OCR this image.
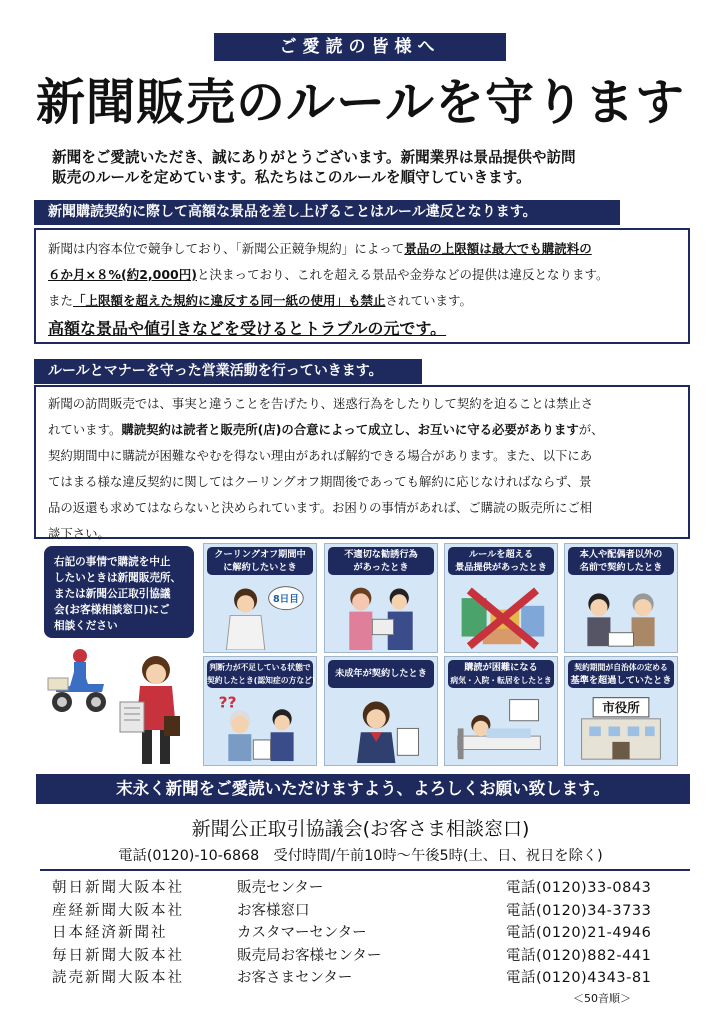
ご愛読の皆様へ
新聞販売のルールを守ります

新聞をご愛読いただき、誠にありがとうございます。新聞業界は景品提供や訪問

販売のルールを定めています。私たちはこのルールを順守していきます。

新聞購読契約に際して高額な景品を差し上げることはルール違反となります。
新聞は内容本位で競争しており、「新聞公正競争規約」によって景品の上限額は最大でも購読料の
６か月×８%(約2,000円)と決まっており、これを超える景品や金券などの提供は違反となります。
また「上限額を超えた規約に違反する同一紙の使用」も禁止されています。
高額な景品や値引きなどを受けるとトラブルの元です。
ルールとマナーを守った営業活動を行っていきます。
新聞の訪問販売では、事実と違うことを告げたり、迷惑行為をしたりして契約を迫ることは禁止さ
れています。購読契約は読者と販売所(店)の合意によって成立し、お互いに守る必要がありますが、
契約期間中に購読が困難なやむを得ない理由があれば解約できる場合があります。また、以下にあ
てはまる様な違反契約に関してはクーリングオフ期間後であっても解約に応じなければならず、景
品の返還も求めてはならないと決められています。お困りの事情があれば、ご購読の販売所にご相
談下さい。

右記の事情で購読を中止

したいときは新聞販売所、

または新聞公正取引協議

会(お客様相談窓口)にご

相談ください

クーリングオフ期間中
に解約したいとき
8日目
不適切な勧誘行為
があったとき
ルールを超える
景品提供があったとき
本人や配偶者以外の
名前で契約したとき
判断力が不足している状態で
契約したとき(認知症の方など)
??
未成年が契約したとき
購読が困難になる
病気・入院・転居をしたとき
契約期間が自治体の定める
基準を超過していたとき
市役所
末永く新聞をご愛読いただけますよう、よろしくお願い致します。
新聞公正取引協議会(お客さま相談窓口)
電話(0120)-10-6868　受付時間/午前10時～午後5時(土、日、祝日を除く)
朝日新聞大阪本社	販売センター	電話(0120)33-0843
産経新聞大阪本社	お客様窓口	電話(0120)34-3733
日本経済新聞社	カスタマーセンター	電話(0120)21-4946
毎日新聞大阪本社	販売局お客様センター	電話(0120)882-441
読売新聞大阪本社	お客さまセンター	電話(0120)4343-81
＜50音順＞
